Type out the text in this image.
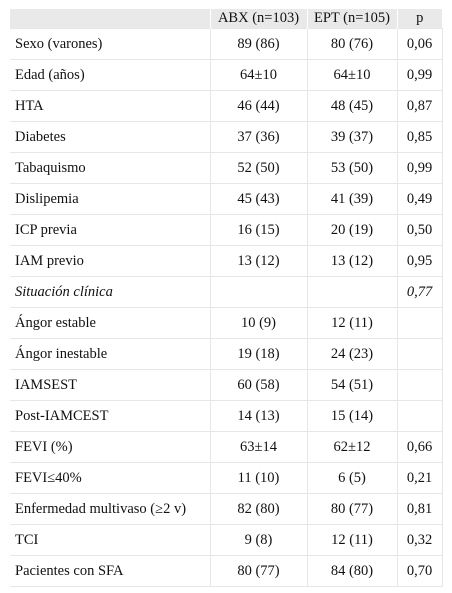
	ABX (n=103)	EPT (n=105)	p
Sexo (varones)	89 (86)	80 (76)	0,06
Edad (años)	64±10	64±10	0,99
HTA	46 (44)	48 (45)	0,87
Diabetes	37 (36)	39 (37)	0,85
Tabaquismo	52 (50)	53 (50)	0,99
Dislipemia	45 (43)	41 (39)	0,49
ICP previa	16 (15)	20 (19)	0,50
IAM previo	13 (12)	13 (12)	0,95
Situación clínica			0,77
Ángor estable	10 (9)	12 (11)	
Ángor inestable	19 (18)	24 (23)	
IAMSEST	60 (58)	54 (51)	
Post-IAMCEST	14 (13)	15 (14)	
FEVI (%)	63±14	62±12	0,66
FEVI≤40%	11 (10)	6 (5)	0,21
Enfermedad multivaso (≥2 v)	82 (80)	80 (77)	0,81
TCI	9 (8)	12 (11)	0,32
Pacientes con SFA	80 (77)	84 (80)	0,70
